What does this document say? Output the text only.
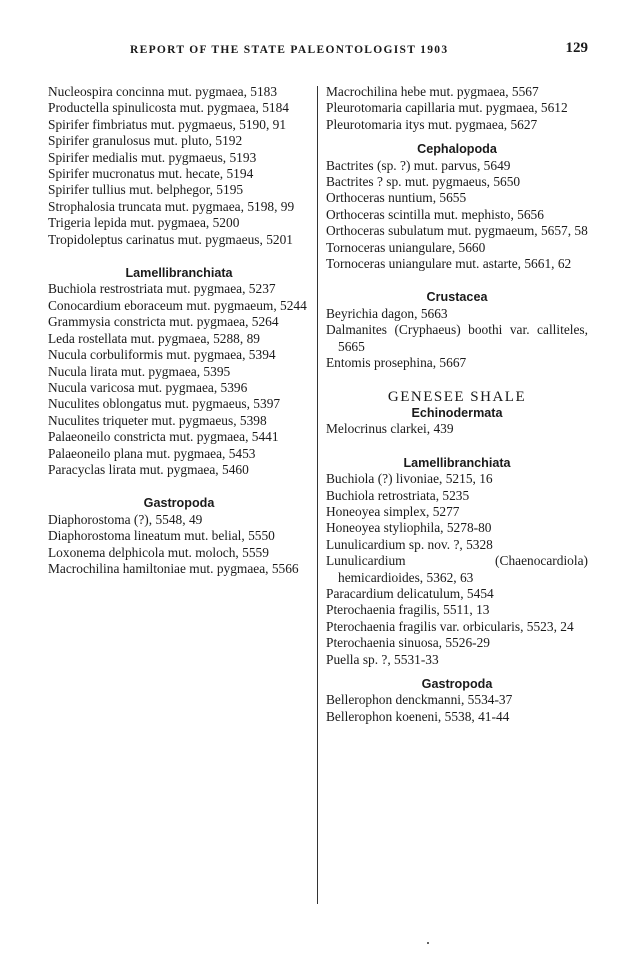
REPORT OF THE STATE PALEONTOLOGIST 1903	129
Nucleospira concinna mut. pygmaea, 5183
Productella spinulicosta mut. pygmaea, 5184
Spirifer fimbriatus mut. pygmaeus, 5190, 91
Spirifer granulosus mut. pluto, 5192
Spirifer medialis mut. pygmaeus, 5193
Spirifer mucronatus mut. hecate, 5194
Spirifer tullius mut. belphegor, 5195
Strophalosia truncata mut. pygmaea, 5198, 99
Trigeria lepida mut. pygmaea, 5200
Tropidoleptus carinatus mut. pygmaeus, 5201
Lamellibranchiata
Buchiola restrostriata mut. pygmaea, 5237
Conocardium eboraceum mut. pygmaeum, 5244
Grammysia constricta mut. pygmaea, 5264
Leda rostellata mut. pygmaea, 5288, 89
Nucula corbuliformis mut. pygmaea, 5394
Nucula lirata mut. pygmaea, 5395
Nucula varicosa mut. pygmaea, 5396
Nuculites oblongatus mut. pygmaeus, 5397
Nuculites triqueter mut. pygmaeus, 5398
Palaeoneilo constricta mut. pygmaea, 5441
Palaeoneilo plana mut. pygmaea, 5453
Paracyclas lirata mut. pygmaea, 5460
Gastropoda
Diaphorostoma (?), 5548, 49
Diaphorostoma lineatum mut. belial, 5550
Loxonema delphicola mut. moloch, 5559
Macrochilina hamiltoniae mut. pygmaea, 5566
Macrochilina hebe mut. pygmaea, 5567
Pleurotomaria capillaria mut. pygmaea, 5612
Pleurotomaria itys mut. pygmaea, 5627
Cephalopoda
Bactrites (sp. ?) mut. parvus, 5649
Bactrites ? sp. mut. pygmaeus, 5650
Orthoceras nuntium, 5655
Orthoceras scintilla mut. mephisto, 5656
Orthoceras subulatum mut. pygmaeum, 5657, 58
Tornoceras uniangulare, 5660
Tornoceras uniangulare mut. astarte, 5661, 62
Crustacea
Beyrichia dagon, 5663
Dalmanites (Cryphaeus) boothi var. calliteles, 5665
Entomis prosephina, 5667
GENESEE SHALE
Echinodermata
Melocrinus clarkei, 439
Lamellibranchiata
Buchiola (?) livoniae, 5215, 16
Buchiola retrostriata, 5235
Honeoyea simplex, 5277
Honeoyea styliophila, 5278-80
Lunulicardium sp. nov. ?, 5328
Lunulicardium (Chaenocardiola) hemicardioides, 5362, 63
Paracardium delicatulum, 5454
Pterochaenia fragilis, 5511, 13
Pterochaenia fragilis var. orbicularis, 5523, 24
Pterochaenia sinuosa, 5526-29
Puella sp. ?, 5531-33
Gastropoda
Bellerophon denckmanni, 5534-37
Bellerophon koeneni, 5538, 41-44
